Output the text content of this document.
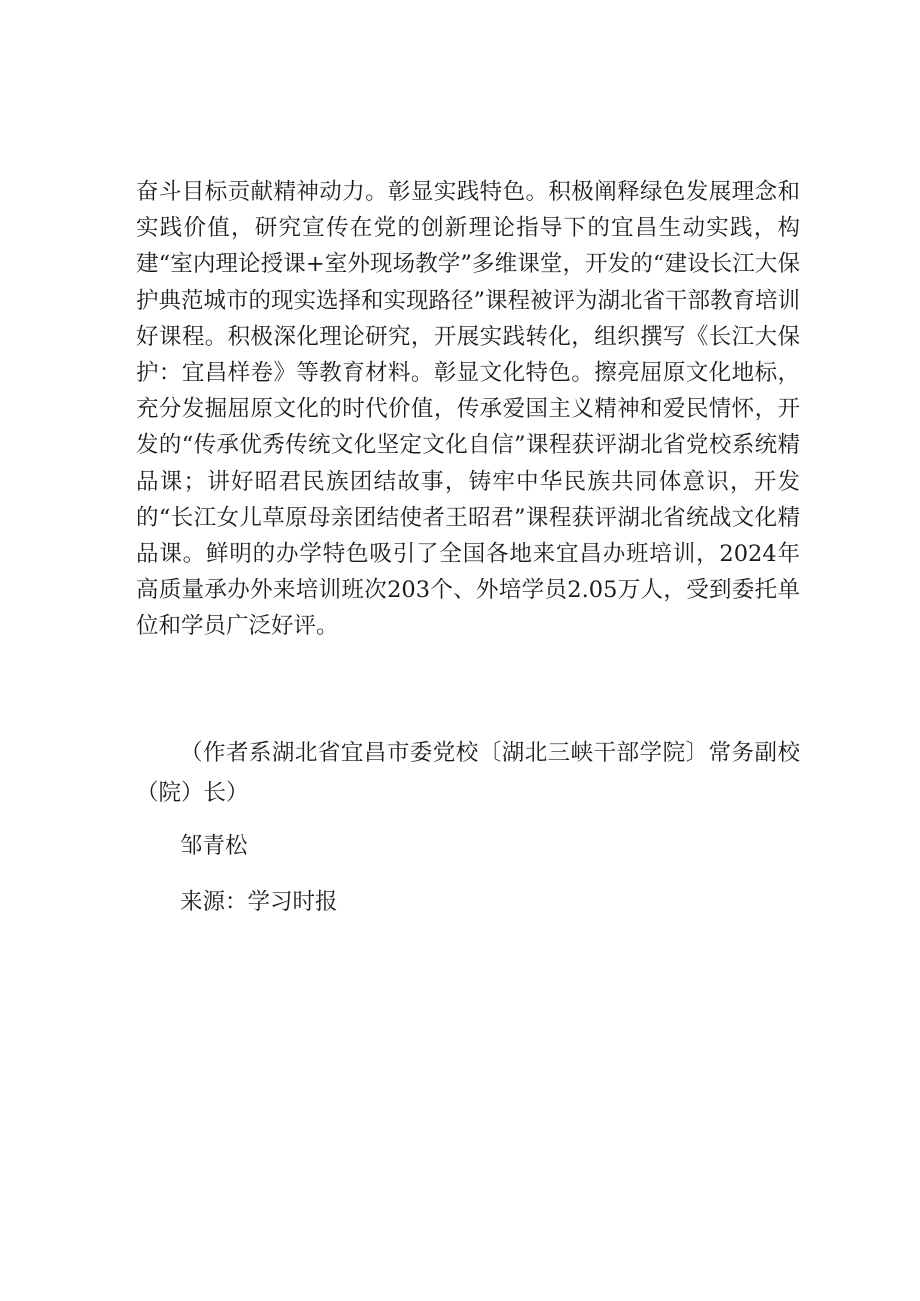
奋斗目标贡献精神动力。彰显实践特色。积极阐释绿色发展理念和实践价值，研究宣传在党的创新理论指导下的宜昌生动实践，构建“室内理论授课+室外现场教学”多维课堂，开发的“建设长江大保护典范城市的现实选择和实现路径”课程被评为湖北省干部教育培训好课程。积极深化理论研究，开展实践转化，组织撰写《长江大保护：宜昌样卷》等教育材料。彰显文化特色。擦亮屈原文化地标，充分发掘屈原文化的时代价值，传承爱国主义精神和爱民情怀，开发的“传承优秀传统文化坚定文化自信”课程获评湖北省党校系统精品课；讲好昭君民族团结故事，铸牢中华民族共同体意识，开发的“长江女儿草原母亲团结使者王昭君”课程获评湖北省统战文化精品课。鲜明的办学特色吸引了全国各地来宜昌办班培训，2024年高质量承办外来培训班次203个、外培学员2.05万人，受到委托单位和学员广泛好评。

（作者系湖北省宜昌市委党校〔湖北三峡干部学院〕常务副校（院）长）

邹青松

来源：学习时报
